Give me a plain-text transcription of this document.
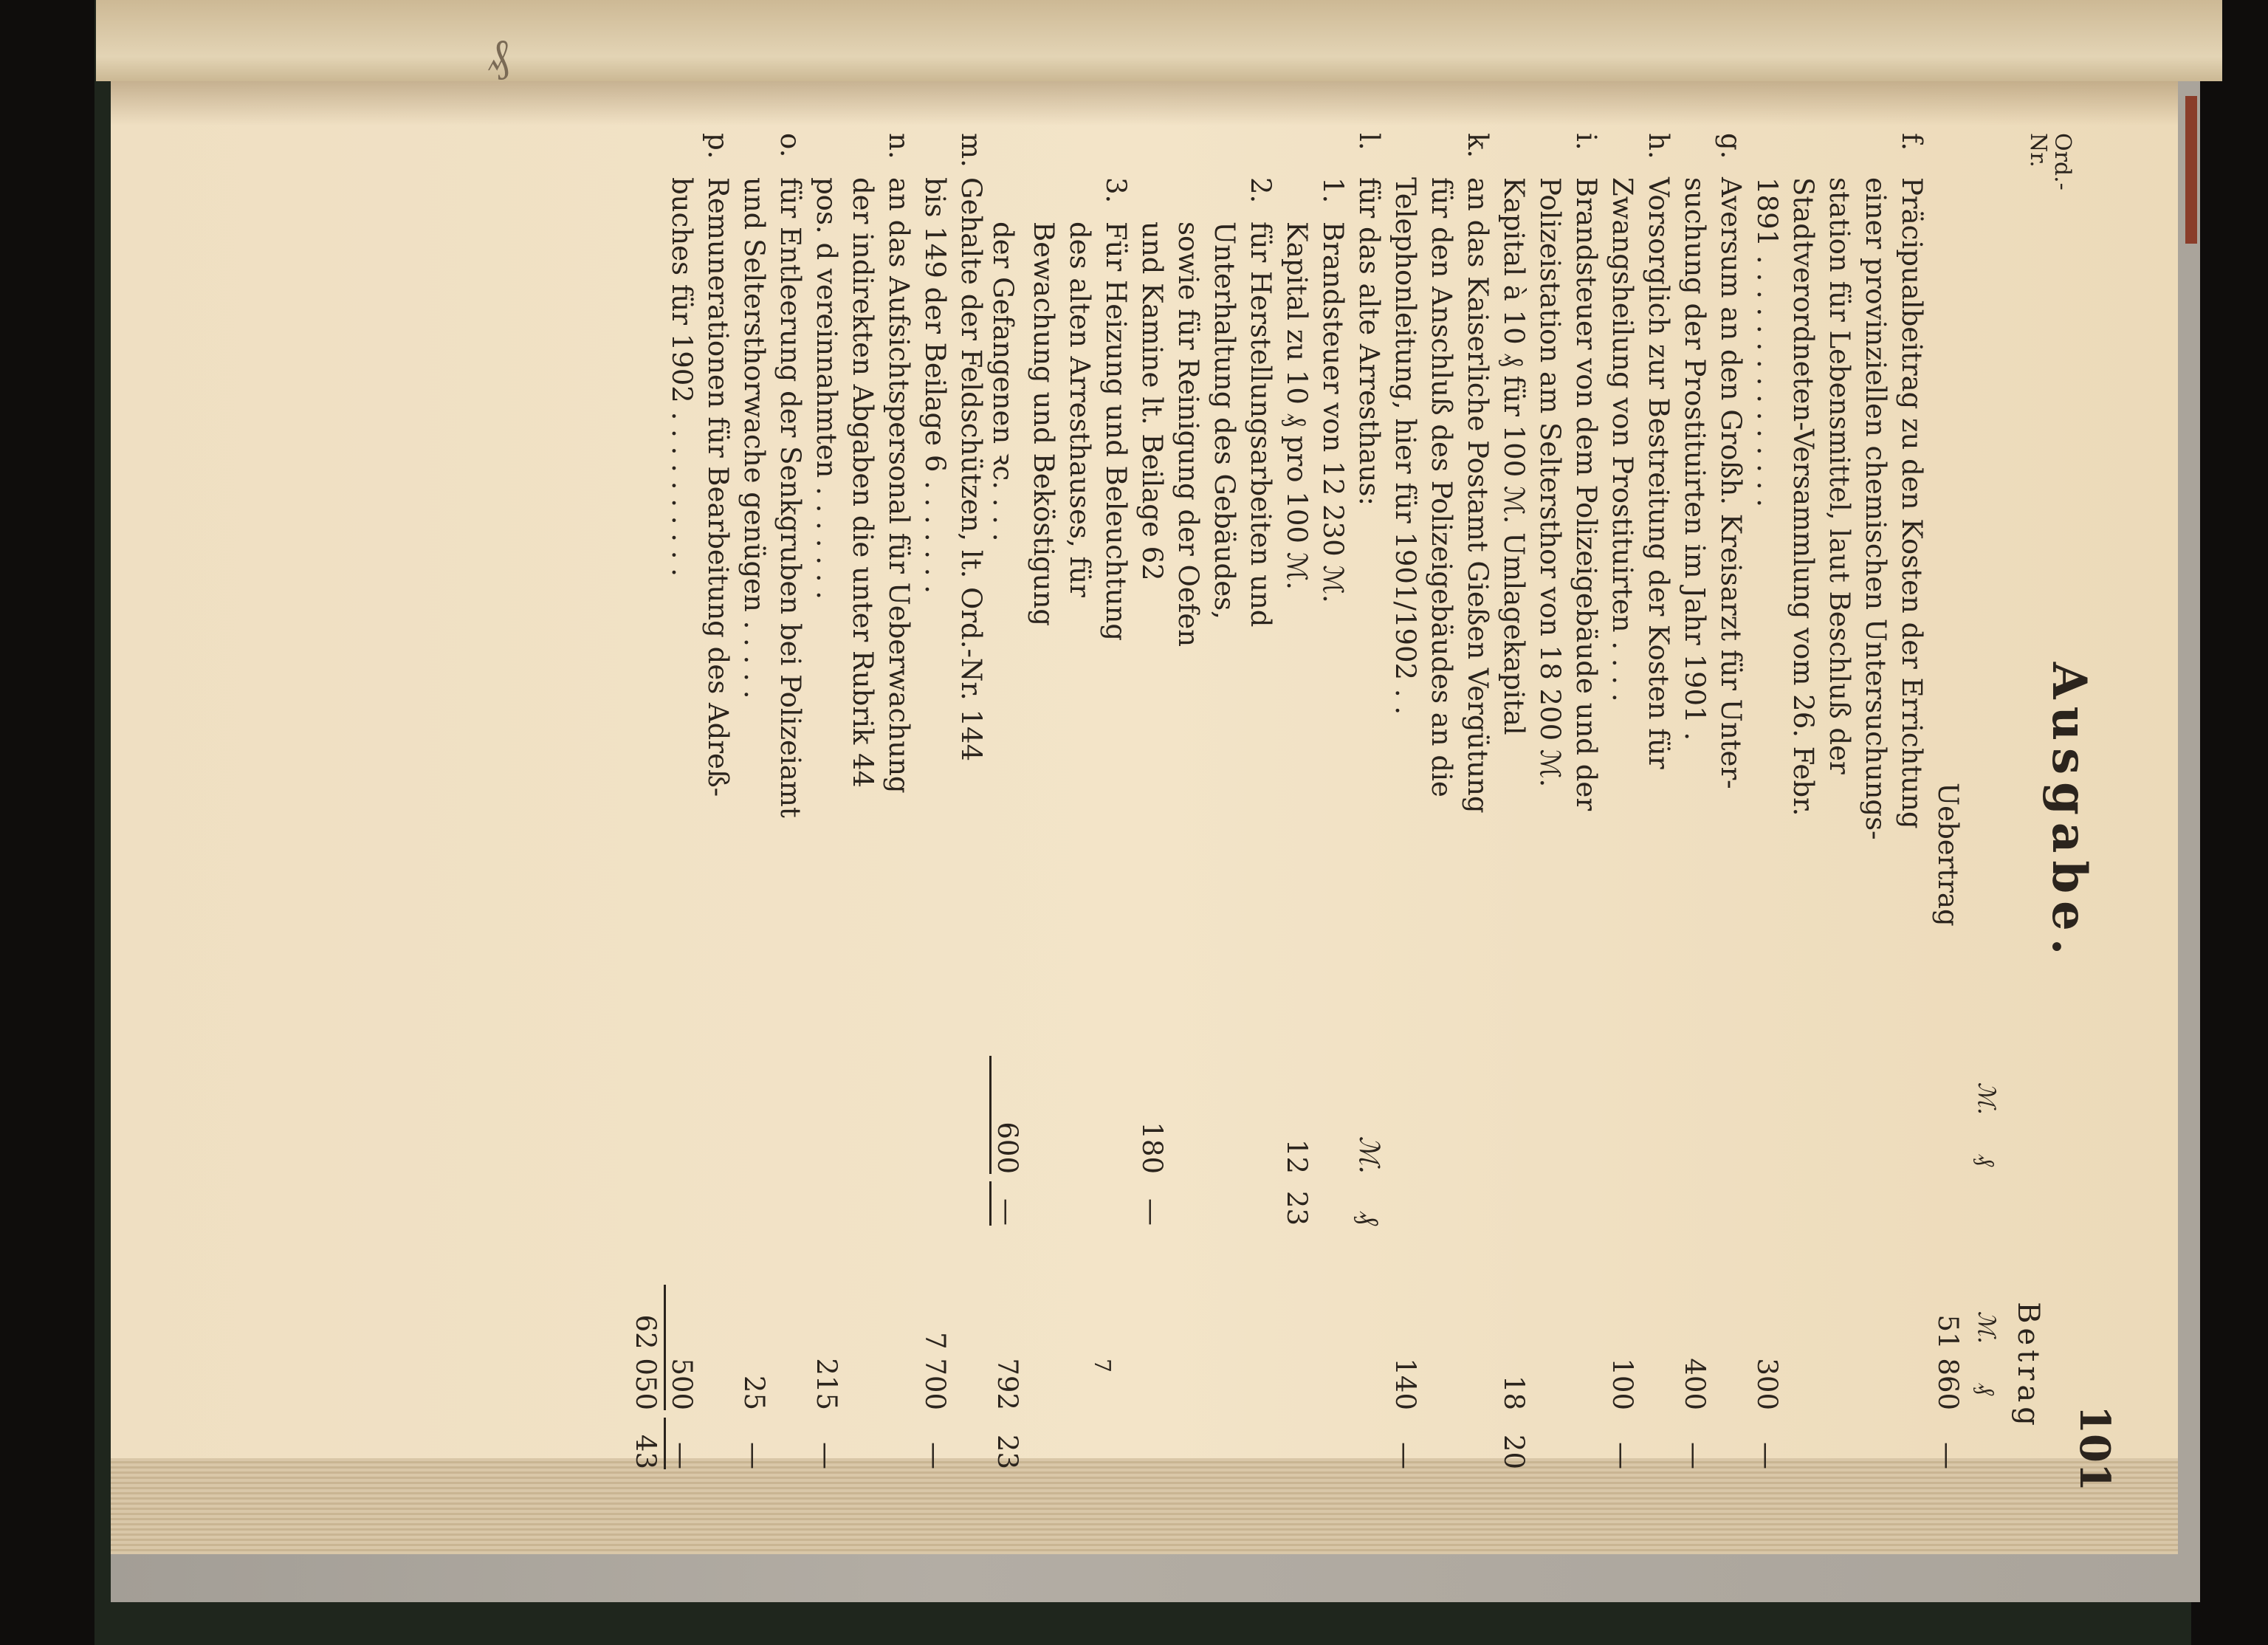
₰
101
Ausgabe.
Ord.-
Nr.
Betrag
ℳ.₰
ℳ.₰
Uebertrag
51 860
—
f.
Präcipualbeitrag zu den Kosten der Errichtung
einer provinziellen chemischen Untersuchungs-
station für Lebensmittel, laut Beschluß der
Stadtverordneten-Versammlung vom 26. Febr.
1891 . . . . . . . . . . . . . . .
300
—
g.
Aversum an den Großh. Kreisarzt für Unter-
suchung der Prostituirten im Jahr 1901 .
400
—
h.
Vorsorglich zur Bestreitung der Kosten für
Zwangsheilung von Prostituirten . . . .
100
—
i.
Brandsteuer von dem Polizeigebäude und der
Polizeistation am Seltersthor von 18 200 ℳ.
Kapital à 10 ₰ für 100 ℳ. Umlagekapital
18
20
k.
an das Kaiserliche Postamt Gießen Vergütung
für den Anschluß des Polizeigebäudes an die
Telephonleitung, hier für 1901/1902 . .
140
—
l.
für das alte Arresthaus:
ℳ.
₰
1.
Brandsteuer von 12 230 ℳ.
Kapital zu 10 ₰ pro 100 ℳ.
12
23
2.
für Herstellungsarbeiten und
Unterhaltung des Gebäudes,
sowie für Reinigung der Oefen
und Kamine lt. Beilage 62
180
—
3.
Für Heizung und Beleuchtung
des alten Arresthauses, für
Bewachung und Beköstigung
der Gefangenen ꝛc. . . .
600
—
792
23
m.
Gehalte der Feldschützen, lt. Ord.-Nr. 144
bis 149 der Beilage 6 . . . . . . .
7 700
—
n.
an das Aufsichtspersonal für Ueberwachung
der indirekten Abgaben die unter Rubrik 44
pos. d vereinnahmten . . . . . . .
215
—
o.
für Entleerung der Senkgruben bei Polizeiamt
und Seltersthorwache genügen . . . . .
25
—
p.
Remunerationen für Bearbeitung des Adreß-
buches für 1902 . . . . . . . . . .
500
—
62 050
43
7
